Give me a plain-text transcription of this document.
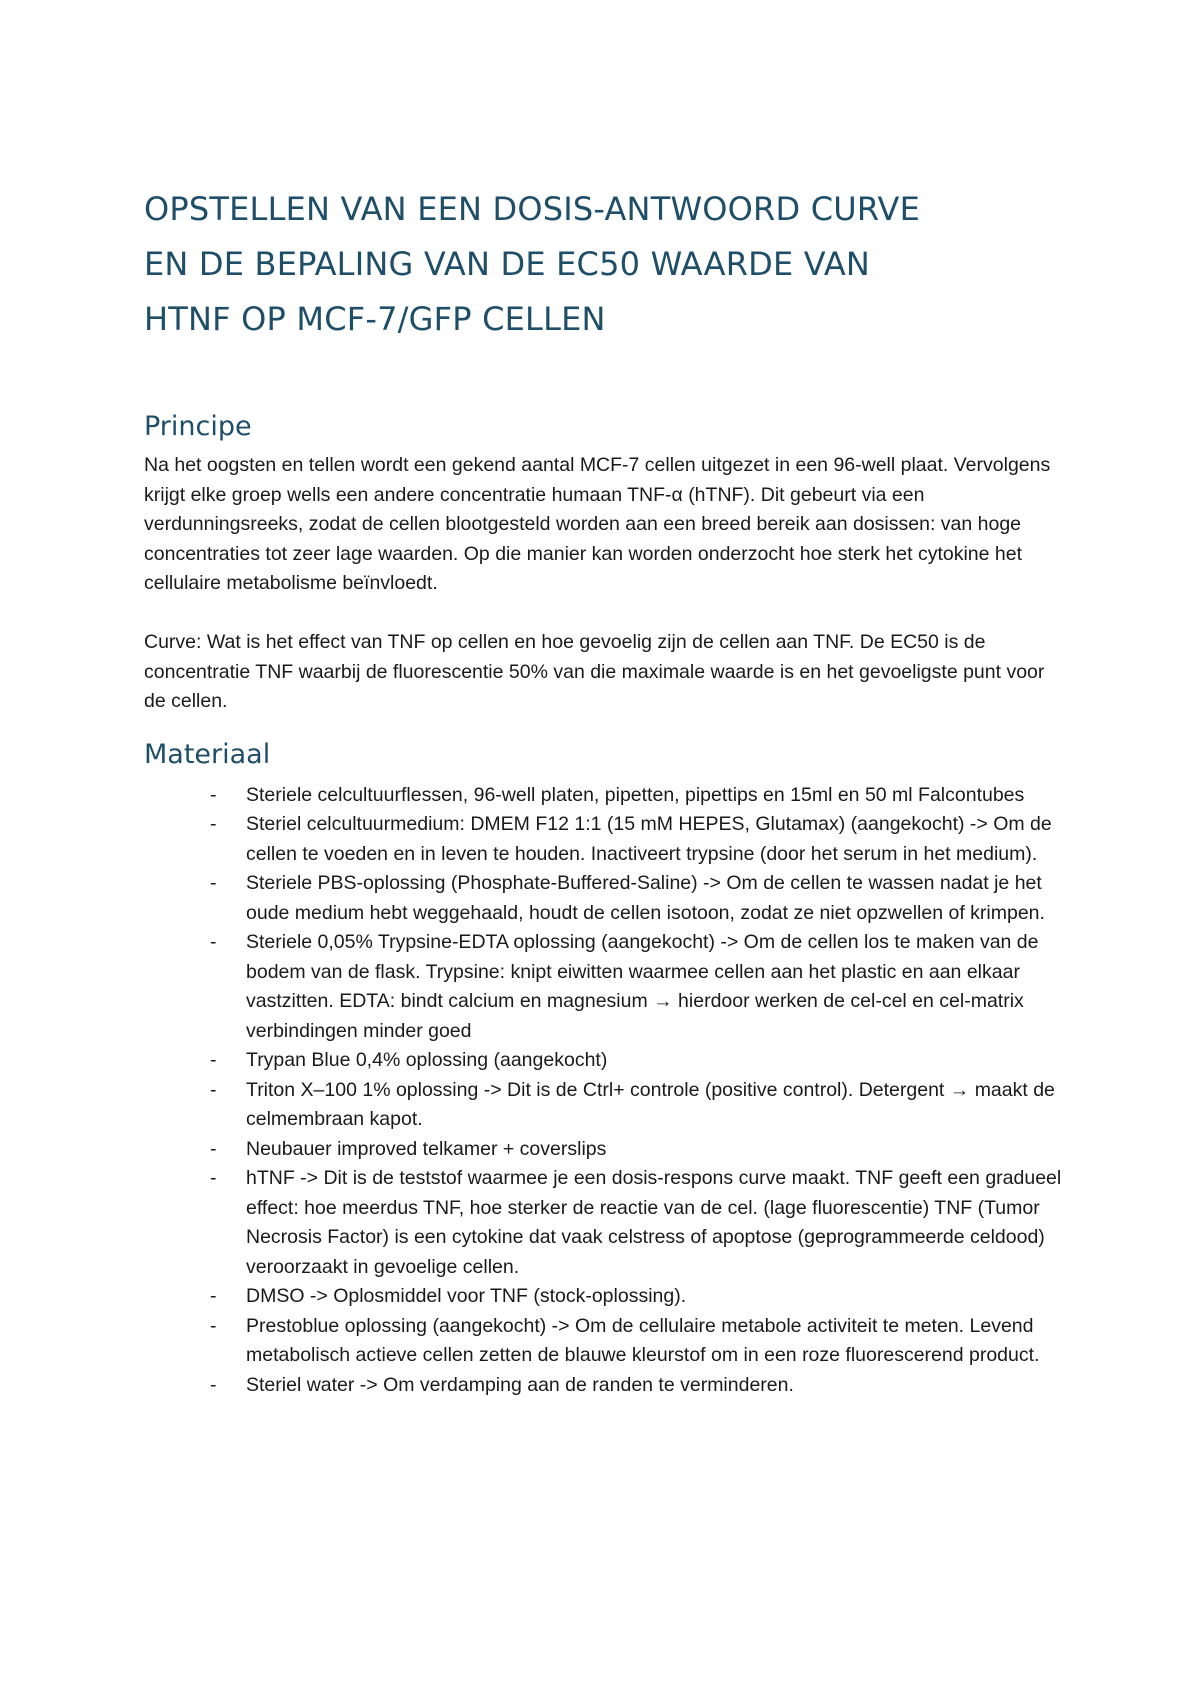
OPSTELLEN VAN EEN DOSIS-ANTWOORD CURVE
EN DE BEPALING VAN DE EC50 WAARDE VAN
HTNF OP MCF-7/GFP CELLEN
Principe

Na het oogsten en tellen wordt een gekend aantal MCF-7 cellen uitgezet in een 96-well plaat. Vervolgens krijgt elke groep wells een andere concentratie humaan TNF-α (hTNF). Dit gebeurt via een verdunningsreeks, zodat de cellen blootgesteld worden aan een breed bereik aan dosissen: van hoge concentraties tot zeer lage waarden. Op die manier kan worden onderzocht hoe sterk het cytokine het cellulaire metabolisme beïnvloedt.

Curve: Wat is het effect van TNF op cellen en hoe gevoelig zijn de cellen aan TNF. De EC50 is de concentratie TNF waarbij de fluorescentie 50% van die maximale waarde is en het gevoeligste punt voor de cellen.

Materiaal
-	Steriele celcultuurflessen, 96-well platen, pipetten, pipettips en 15ml en 50 ml Falcontubes
-	Steriel celcultuurmedium: DMEM F12 1:1 (15 mM HEPES, Glutamax) (aangekocht) -> Om de cellen te voeden en in leven te houden. Inactiveert trypsine (door het serum in het medium).
-	Steriele PBS-oplossing (Phosphate-Buffered-Saline) -> Om de cellen te wassen nadat je het oude medium hebt weggehaald, houdt de cellen isotoon, zodat ze niet opzwellen of krimpen.
-	Steriele 0,05% Trypsine-EDTA oplossing (aangekocht) -> Om de cellen los te maken van de bodem van de flask. Trypsine: knipt eiwitten waarmee cellen aan het plastic en aan elkaar vastzitten. EDTA: bindt calcium en magnesium → hierdoor werken de cel-cel en cel-matrix verbindingen minder goed
-	Trypan Blue 0,4% oplossing (aangekocht)
-	Triton X–100 1% oplossing -> Dit is de Ctrl+ controle (positive control). Detergent → maakt de celmembraan kapot.
-	Neubauer improved telkamer + coverslips
-	hTNF -> Dit is de teststof waarmee je een dosis-respons curve maakt. TNF geeft een gradueel effect: hoe meerdus TNF, hoe sterker de reactie van de cel. (lage fluorescentie) TNF (Tumor Necrosis Factor) is een cytokine dat vaak celstress of apoptose (geprogrammeerde celdood) veroorzaakt in gevoelige cellen.
-	DMSO -> Oplosmiddel voor TNF (stock-oplossing).
-	Prestoblue oplossing (aangekocht) -> Om de cellulaire metabole activiteit te meten. Levend metabolisch actieve cellen zetten de blauwe kleurstof om in een roze fluorescerend product.
-	Steriel water -> Om verdamping aan de randen te verminderen.
